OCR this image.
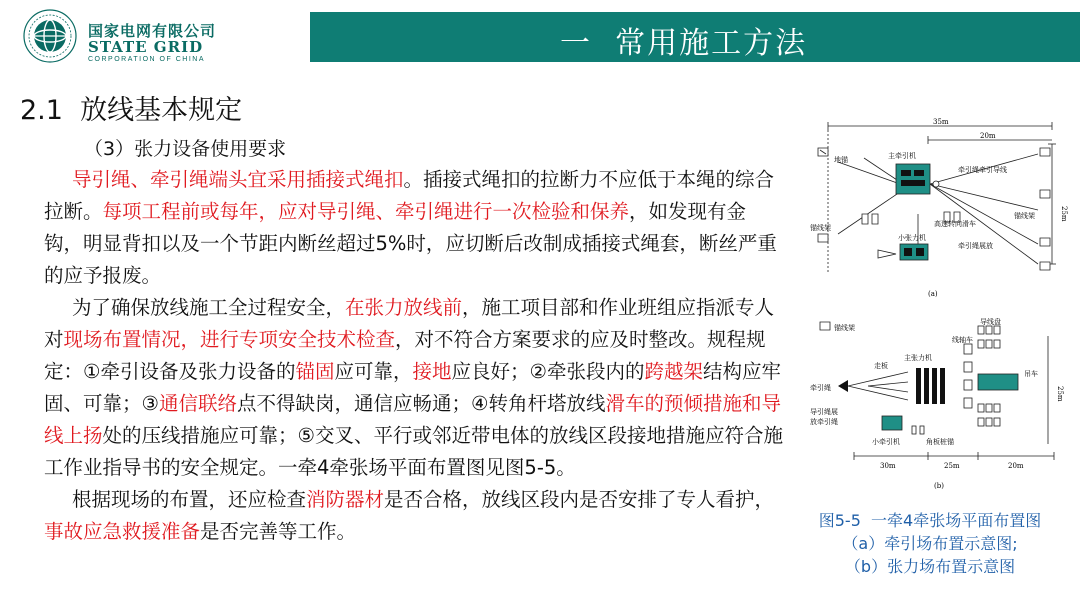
国家电网有限公司
STATE GRID
CORPORATION OF CHINA	一  常用施工方法
2.1  放线基本规定
（3）张力设备使用要求

导引绳、牵引绳端头宜采用插接式绳扣。插接式绳扣的拉断力不应低于本绳的综合拉断。每项工程前或每年，应对导引绳、牵引绳进行一次检验和保养，如发现有金钩，明显背扣以及一个节距内断丝超过5%时，应切断后改制成插接式绳套，断丝严重的应予报废。

为了确保放线施工全过程安全，在张力放线前，施工项目部和作业班组应指派专人对现场布置情况，进行专项安全技术检查，对不符合方案要求的应及时整改。规程规定：①牵引设备及张力设备的锚固应可靠，接地应良好；②牵张段内的跨越架结构应牢固、可靠；③通信联络点不得缺岗，通信应畅通；④转角杆塔放线滑车的预倾措施和导线上扬处的压线措施应可靠；⑤交叉、平行或邻近带电体的放线区段接地措施应符合施工作业指导书的安全规定。一牵4牵张场平面布置图见图5-5。

根据现场的布置，还应检查消防器材是否合格，放线区段内是否安排了专人看护，事故应急救援准备是否完善等工作。

35m
20m
25m
地锚	主牵引机
牵引绳牵引导线
锚线架
锚线架	高速转向滑车
小张力机
牵引绳展放
(a)
锚线架
导线盘
线轴车
走板
主张力机
吊车
牵引绳
导引绳展
放牵引绳
小牵引机	角板桩锚
25m
30m	25m	20m
(b)
图5-5  一牵4牵张场平面布置图
（a）牵引场布置示意图;
（b）张力场布置示意图
